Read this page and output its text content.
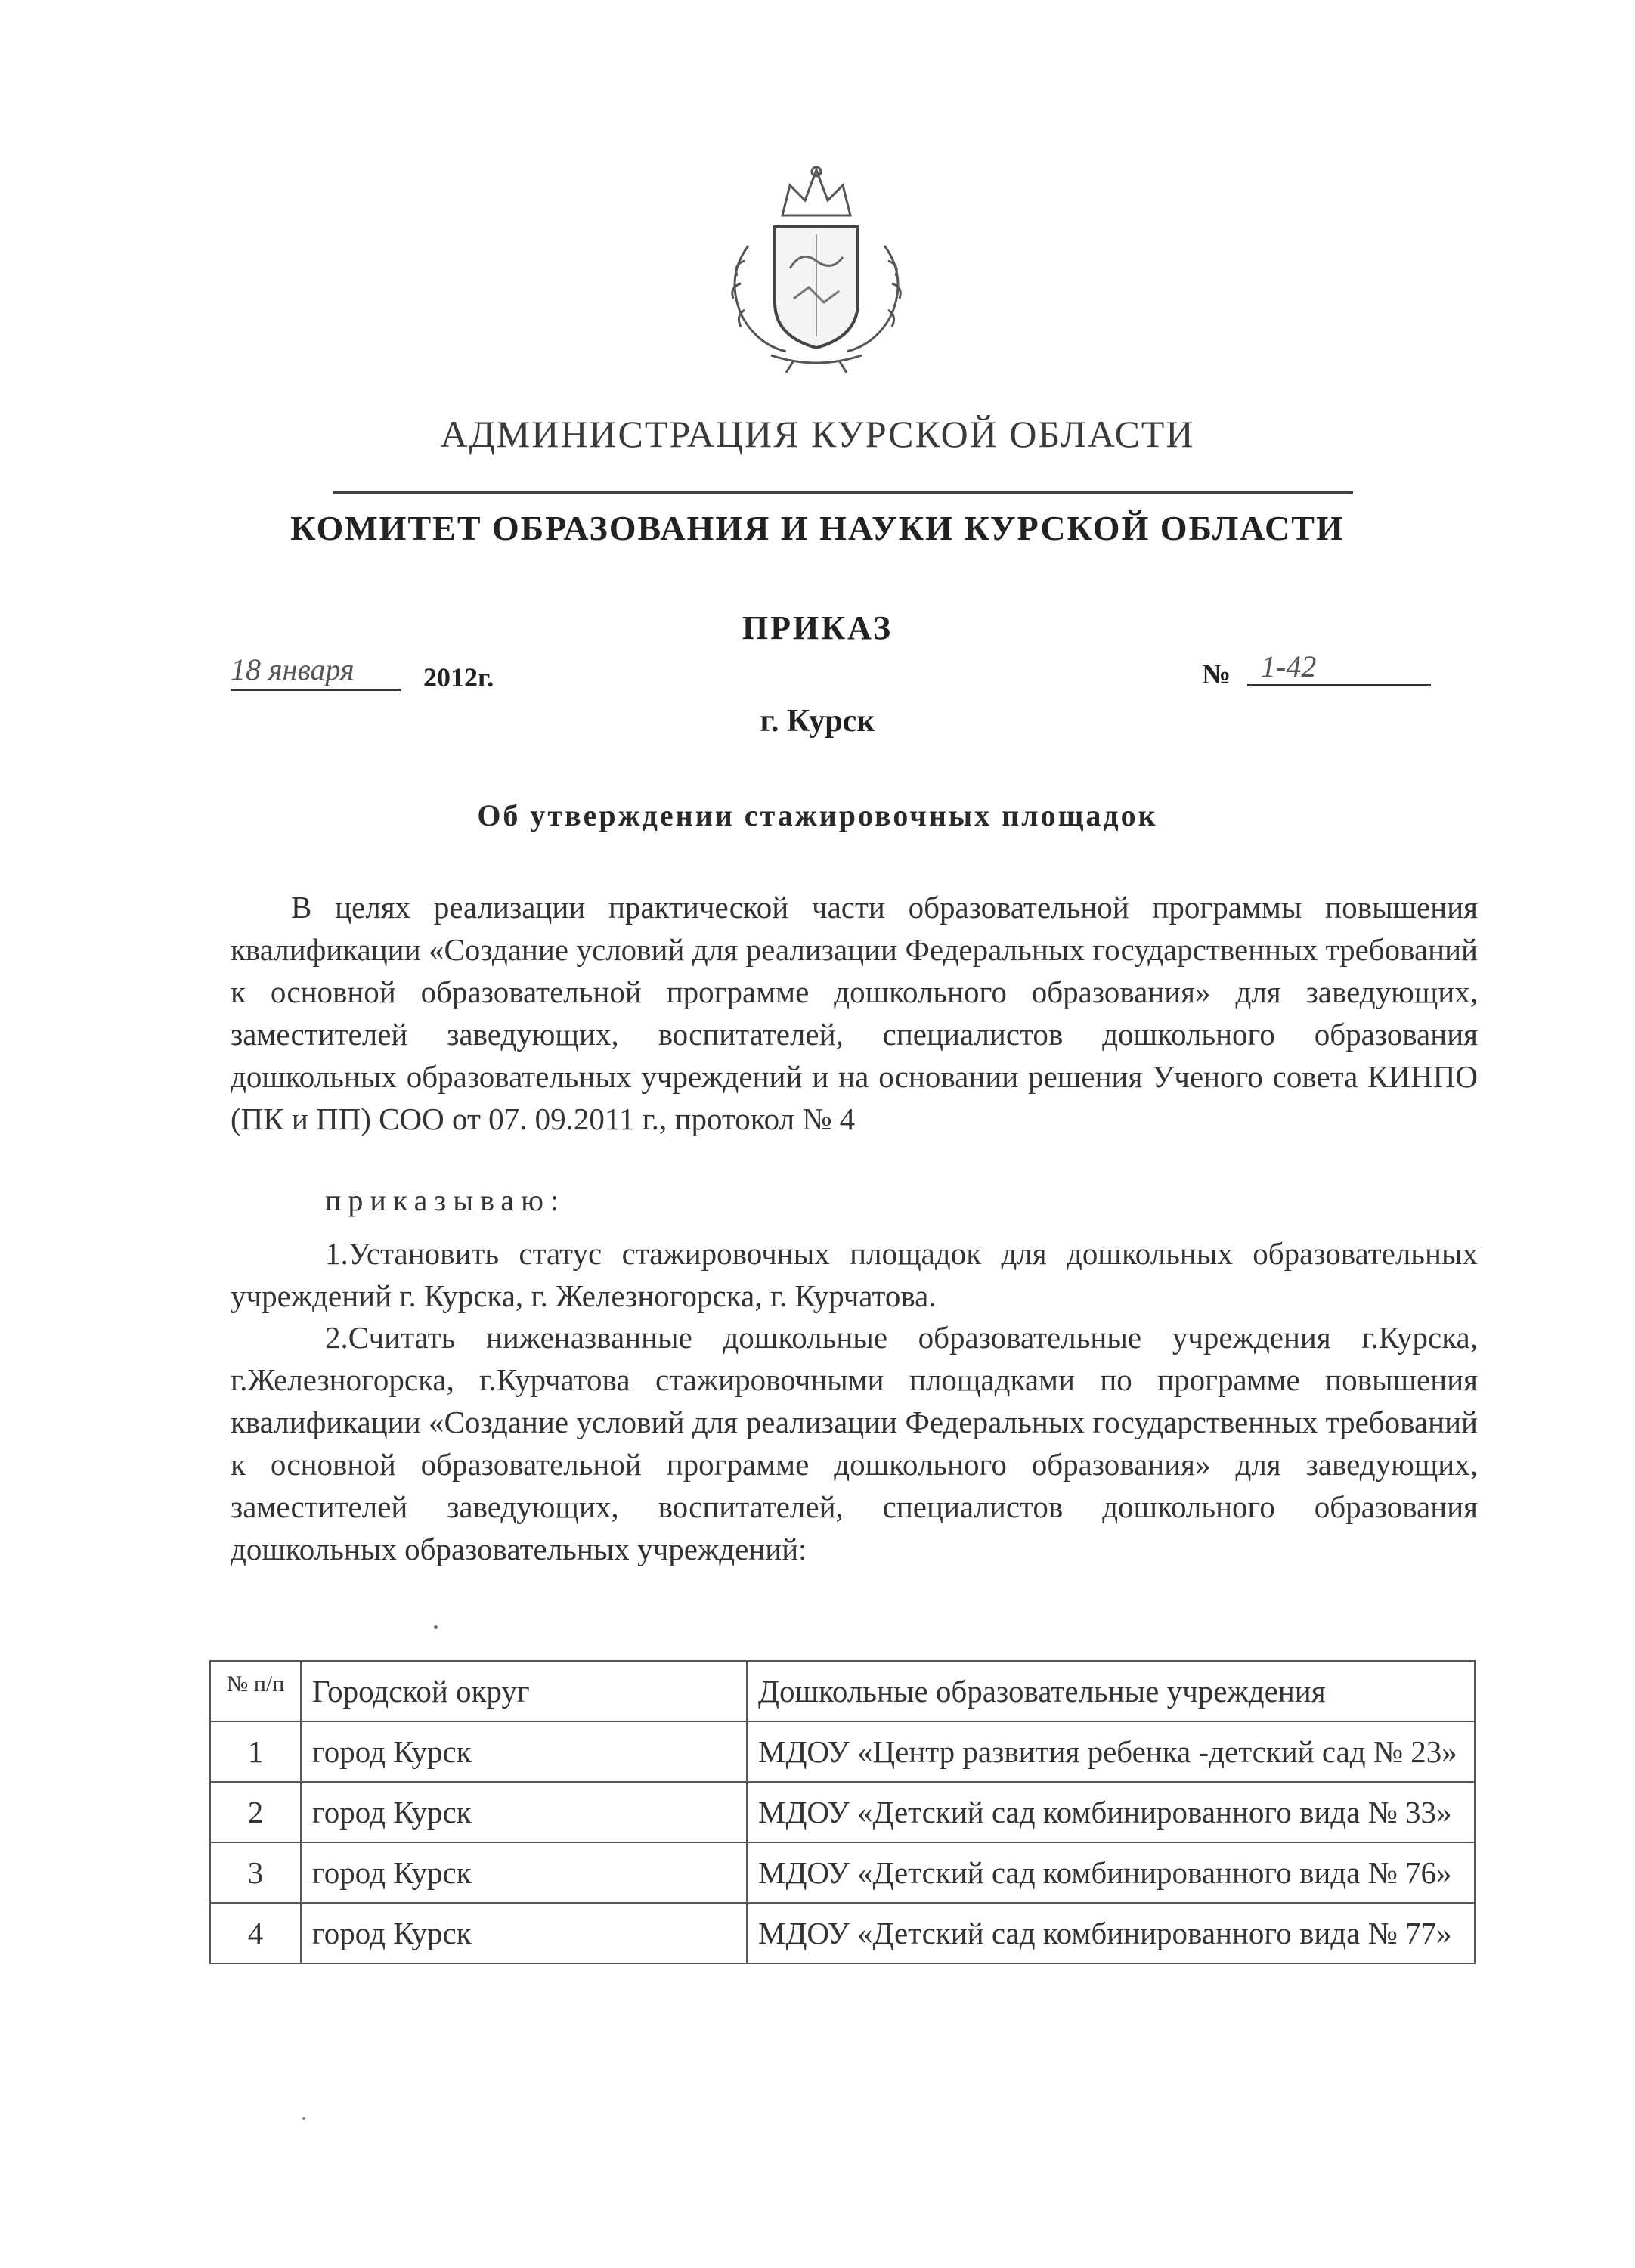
АДМИНИСТРАЦИЯ КУРСКОЙ ОБЛАСТИ
КОМИТЕТ ОБРАЗОВАНИЯ И НАУКИ КУРСКОЙ ОБЛАСТИ
ПРИКАЗ
18 января	2012г.	№ 1-42
г. Курск
Об утверждении стажировочных площадок
В целях реализации практической части образовательной программы повышения квалификации «Создание условий для реализации Федеральных государственных требований к основной образовательной программе дошкольного образования» для заведующих, заместителей заведующих, воспитателей, специалистов дошкольного образования дошкольных образовательных учреждений и на основании решения Ученого совета КИНПО (ПК и ПП) СОО от 07. 09.2011 г., протокол № 4
приказываю:
1.Установить статус стажировочных площадок для дошкольных образовательных учреждений г. Курска, г. Железногорска, г. Курчатова.
2.Считать ниженазванные дошкольные образовательные учреждения г.Курска, г.Железногорска, г.Курчатова стажировочными площадками по программе повышения квалификации «Создание условий для реализации Федеральных государственных требований к основной образовательной программе дошкольного образования» для заведующих, заместителей заведующих, воспитателей, специалистов дошкольного образования дошкольных образовательных учреждений:
№ п/п	Городской округ	Дошкольные образовательные учреждения
1	город Курск	МДОУ «Центр развития ребенка -детский сад № 23»
2	город Курск	МДОУ «Детский сад комбинированного вида № 33»
3	город Курск	МДОУ «Детский сад комбинированного вида № 76»
4	город Курск	МДОУ «Детский сад комбинированного вида № 77»
